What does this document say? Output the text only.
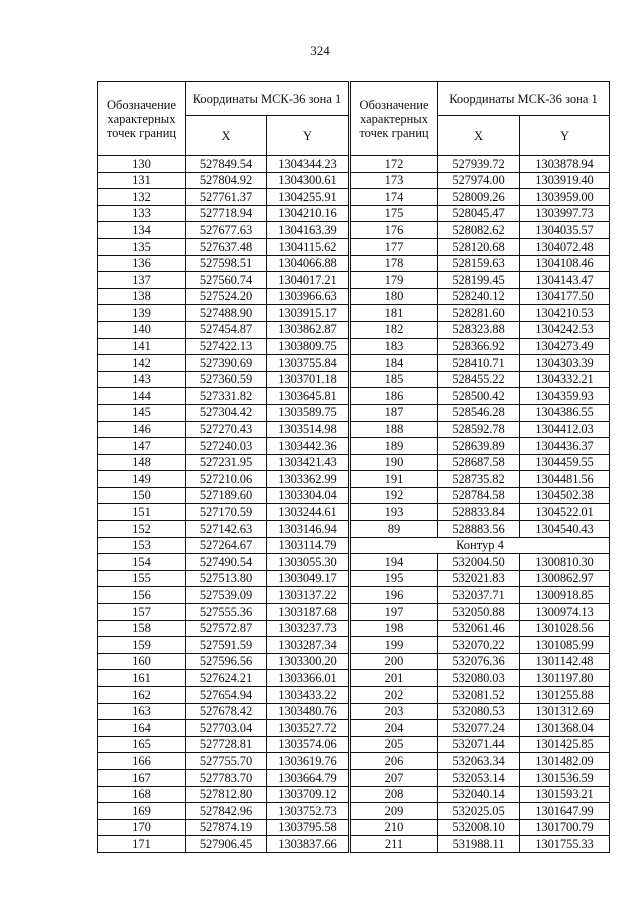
324
Обозначение характерных точек границ	Координаты МСК-36 зона 1	
	X	Y
130	527849.54	1304344.23
131	527804.92	1304300.61
132	527761.37	1304255.91
133	527718.94	1304210.16
134	527677.63	1304163.39
135	527637.48	1304115.62
136	527598.51	1304066.88
137	527560.74	1304017.21
138	527524.20	1303966.63
139	527488.90	1303915.17
140	527454.87	1303862.87
141	527422.13	1303809.75
142	527390.69	1303755.84
143	527360.59	1303701.18
144	527331.82	1303645.81
145	527304.42	1303589.75
146	527270.43	1303514.98
147	527240.03	1303442.36
148	527231.95	1303421.43
149	527210.06	1303362.99
150	527189.60	1303304.04
151	527170.59	1303244.61
152	527142.63	1303146.94
153	527264.67	1303114.79
154	527490.54	1303055.30
155	527513.80	1303049.17
156	527539.09	1303137.22
157	527555.36	1303187.68
158	527572.87	1303237.73
159	527591.59	1303287.34
160	527596.56	1303300.20
161	527624.21	1303366.01
162	527654.94	1303433.22
163	527678.42	1303480.76
164	527703.04	1303527.72
165	527728.81	1303574.06
166	527755.70	1303619.76
167	527783.70	1303664.79
168	527812.80	1303709.12
169	527842.96	1303752.73
170	527874.19	1303795.58
171	527906.45	1303837.66
Обозначение характерных точек границ	Координаты МСК-36 зона 1	
	X	Y
172	527939.72	1303878.94
173	527974.00	1303919.40
174	528009.26	1303959.00
175	528045.47	1303997.73
176	528082.62	1304035.57
177	528120.68	1304072.48
178	528159.63	1304108.46
179	528199.45	1304143.47
180	528240.12	1304177.50
181	528281.60	1304210.53
182	528323.88	1304242.53
183	528366.92	1304273.49
184	528410.71	1304303.39
185	528455.22	1304332.21
186	528500.42	1304359.93
187	528546.28	1304386.55
188	528592.78	1304412.03
189	528639.89	1304436.37
190	528687.58	1304459.55
191	528735.82	1304481.56
192	528784.58	1304502.38
193	528833.84	1304522.01
89	528883.56	1304540.43
Контур 4		
194	532004.50	1300810.30
195	532021.83	1300862.97
196	532037.71	1300918.85
197	532050.88	1300974.13
198	532061.46	1301028.56
199	532070.22	1301085.99
200	532076.36	1301142.48
201	532080.03	1301197.80
202	532081.52	1301255.88
203	532080.53	1301312.69
204	532077.24	1301368.04
205	532071.44	1301425.85
206	532063.34	1301482.09
207	532053.14	1301536.59
208	532040.14	1301593.21
209	532025.05	1301647.99
210	532008.10	1301700.79
211	531988.11	1301755.33
